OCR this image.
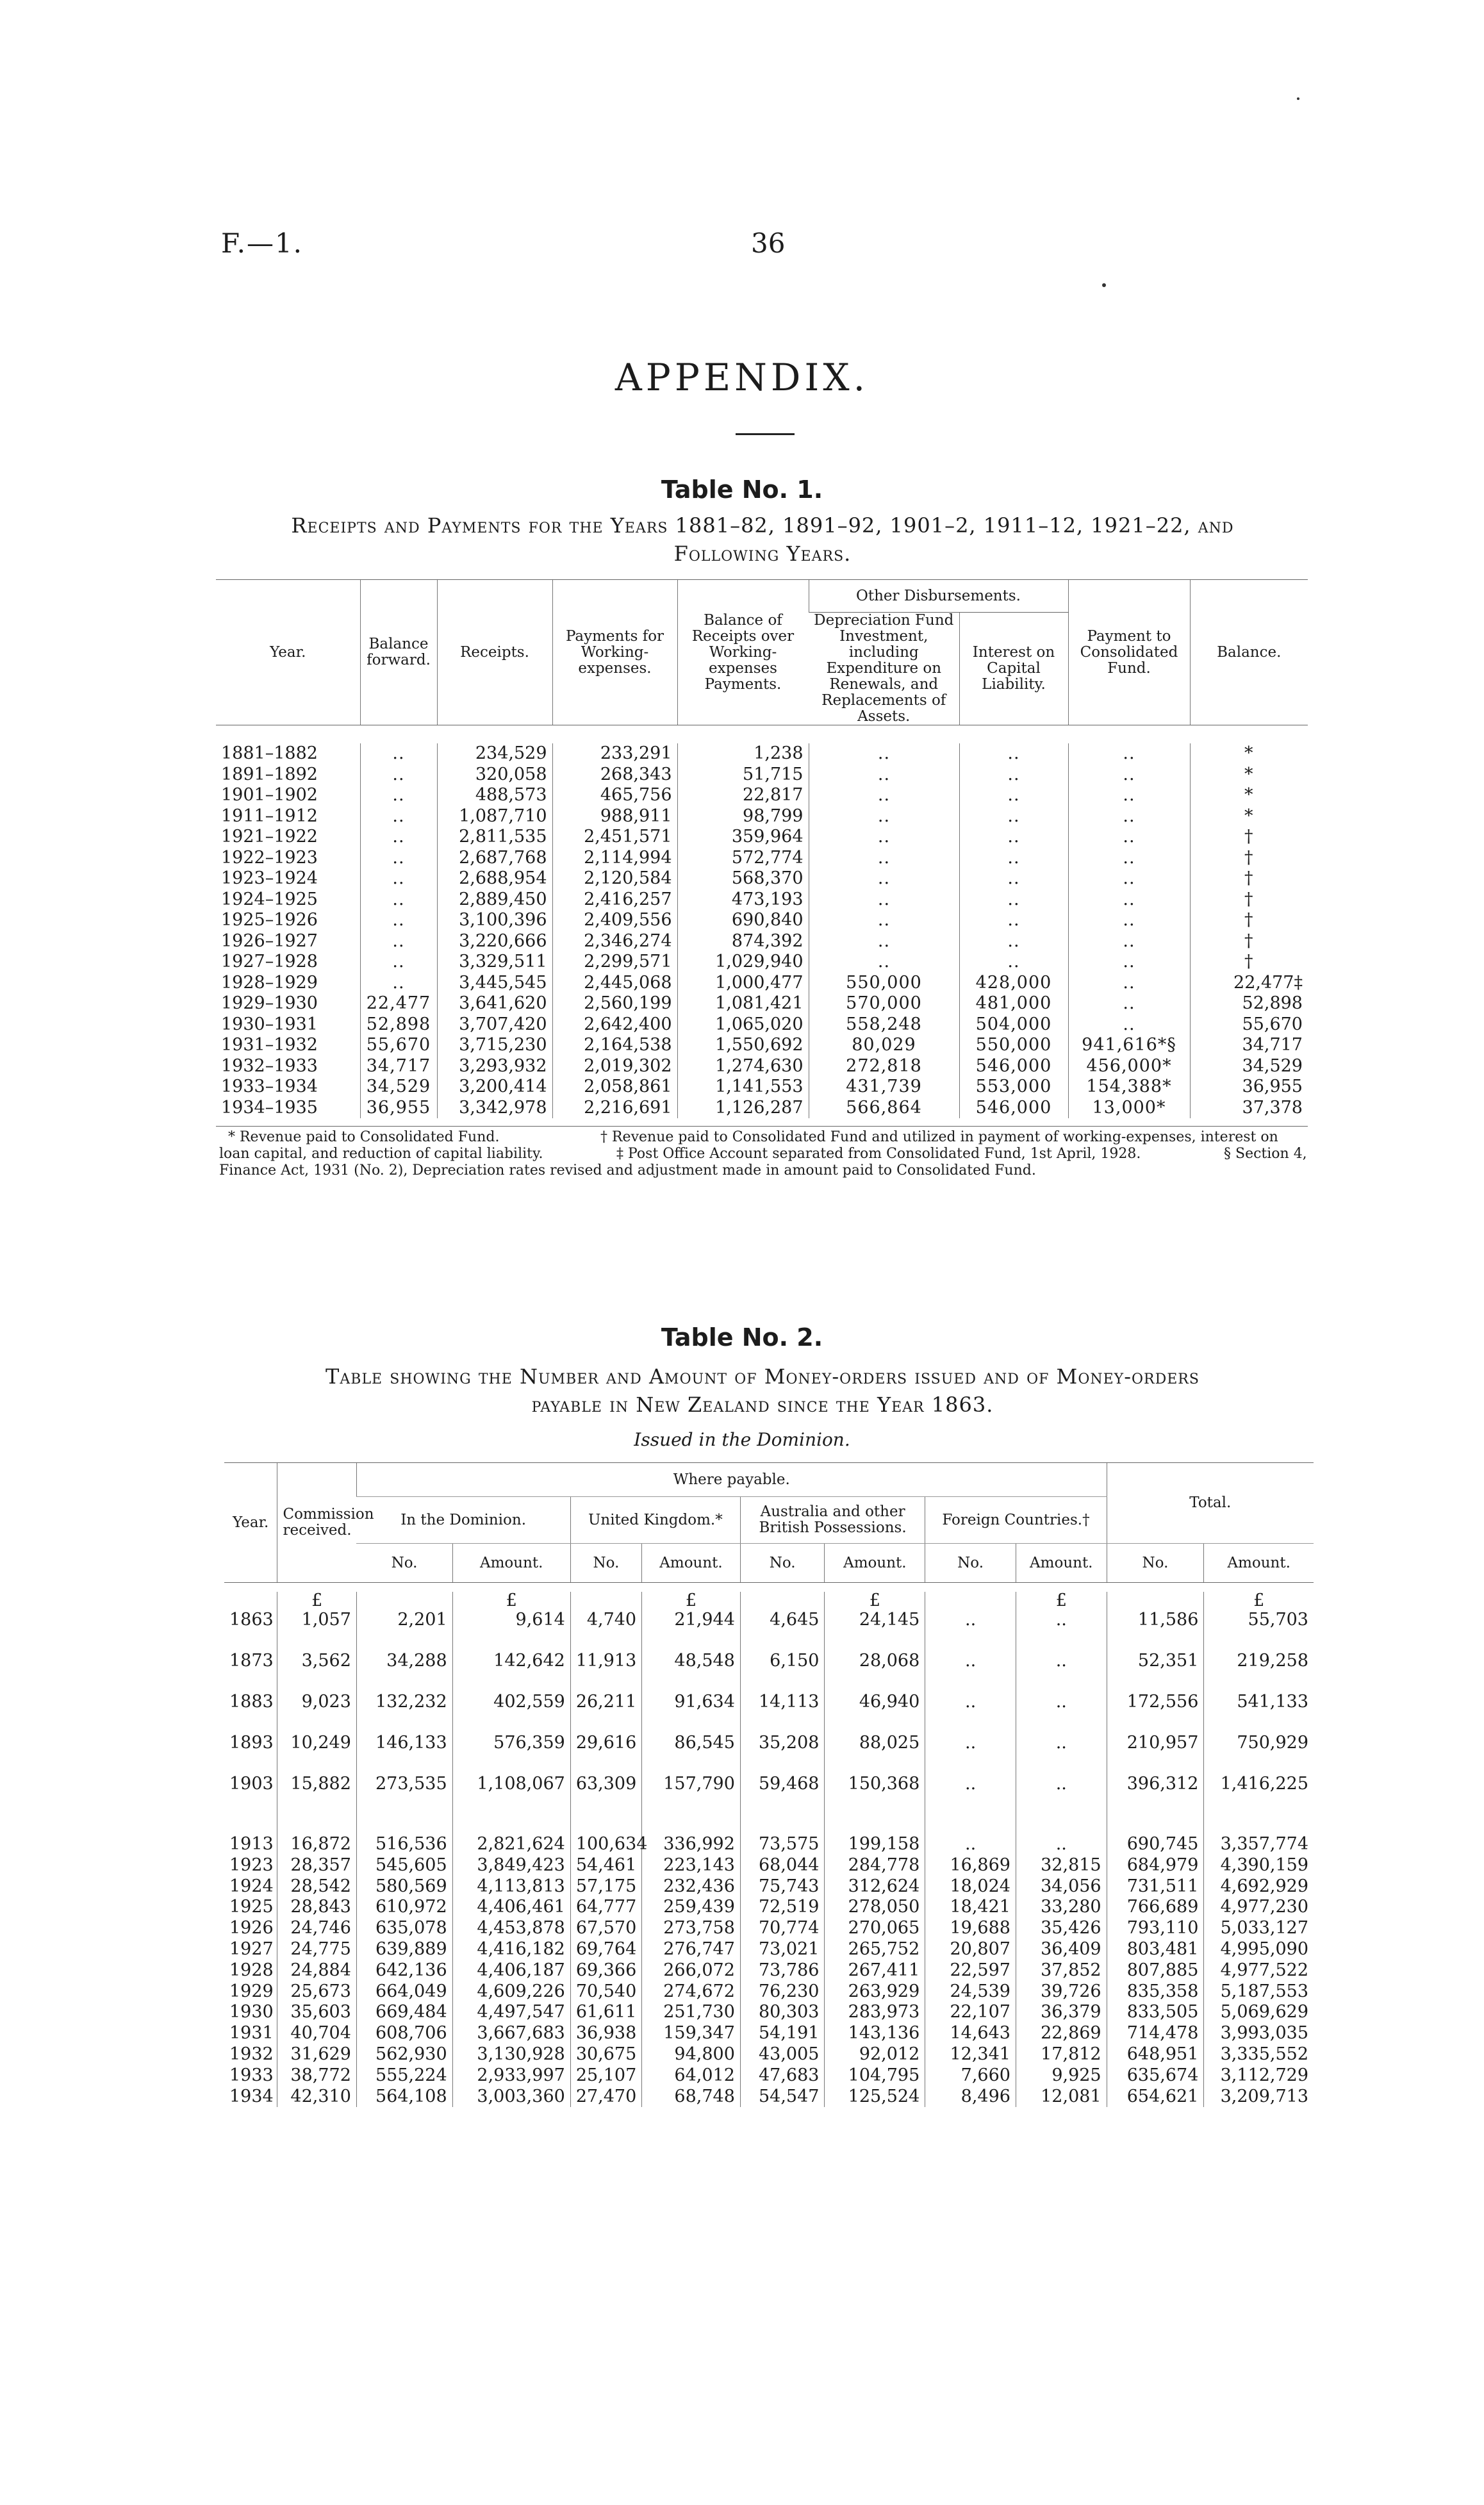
F.—1.	36
APPENDIX.
Table No. 1.
Receipts and Payments for the Years 1881–82, 1891–92, 1901–2, 1911–12, 1921–22, and
Following Years.
Year.	Balance forward.	Receipts.	Payments for Working-expenses.	Balance of Receipts over Working-expenses Payments.	Other Disbursements.		Payment to Consolidated Fund.	Balance.
					Depreciation Fund Investment, including Expenditure on Renewals, and Replacements of Assets.	Interest on Capital Liability.		

1881–1882	..	234,529	233,291	1,238	..	..	..	*
1891–1892	..	320,058	268,343	51,715	..	..	..	*
1901–1902	..	488,573	465,756	22,817	..	..	..	*
1911–1912	..	1,087,710	988,911	98,799	..	..	..	*
1921–1922	..	2,811,535	2,451,571	359,964	..	..	..	†
1922–1923	..	2,687,768	2,114,994	572,774	..	..	..	†
1923–1924	..	2,688,954	2,120,584	568,370	..	..	..	†
1924–1925	..	2,889,450	2,416,257	473,193	..	..	..	†
1925–1926	..	3,100,396	2,409,556	690,840	..	..	..	†
1926–1927	..	3,220,666	2,346,274	874,392	..	..	..	†
1927–1928	..	3,329,511	2,299,571	1,029,940	..	..	..	†
1928–1929	..	3,445,545	2,445,068	1,000,477	550,000	428,000	..	22,477‡
1929–1930	22,477	3,641,620	2,560,199	1,081,421	570,000	481,000	..	52,898
1930–1931	52,898	3,707,420	2,642,400	1,065,020	558,248	504,000	..	55,670
1931–1932	55,670	3,715,230	2,164,538	1,550,692	80,029	550,000	941,616*§	34,717
1932–1933	34,717	3,293,932	2,019,302	1,274,630	272,818	546,000	456,000*	34,529
1933–1934	34,529	3,200,414	2,058,861	1,141,553	431,739	553,000	154,388*	36,955
1934–1935	36,955	3,342,978	2,216,691	1,126,287	566,864	546,000	13,000*	37,378

* Revenue paid to Consolidated Fund.	† Revenue paid to Consolidated Fund and utilized in payment of working-expenses, interest on
loan capital, and reduction of capital liability.	‡ Post Office Account separated from Consolidated Fund, 1st April, 1928.	§ Section 4,
Finance Act, 1931 (No. 2), Depreciation rates revised and adjustment made in amount paid to Consolidated Fund.
Table No. 2.
Table showing the Number and Amount of Money-orders issued and of Money-orders
payable in New Zealand since the Year 1863.
Issued in the Dominion.
Year.	Commission received.	Where payable.								Total.	
		In the Dominion.		United Kingdom.*		Australia and other British Possessions.		Foreign Countries.†			
		No.	Amount.	No.	Amount.	No.	Amount.	No.	Amount.	No.	Amount.

	£		£		£		£		£		£
1863	1,057	2,201	9,614	4,740	21,944	4,645	24,145	..	..	11,586	55,703
1873	3,562	34,288	142,642	11,913	48,548	6,150	28,068	..	..	52,351	219,258
1883	9,023	132,232	402,559	26,211	91,634	14,113	46,940	..	..	172,556	541,133
1893	10,249	146,133	576,359	29,616	86,545	35,208	88,025	..	..	210,957	750,929
1903	15,882	273,535	1,108,067	63,309	157,790	59,468	150,368	..	..	396,312	1,416,225
1913	16,872	516,536	2,821,624	100,634	336,992	73,575	199,158	..	..	690,745	3,357,774
1923	28,357	545,605	3,849,423	54,461	223,143	68,044	284,778	16,869	32,815	684,979	4,390,159
1924	28,542	580,569	4,113,813	57,175	232,436	75,743	312,624	18,024	34,056	731,511	4,692,929
1925	28,843	610,972	4,406,461	64,777	259,439	72,519	278,050	18,421	33,280	766,689	4,977,230
1926	24,746	635,078	4,453,878	67,570	273,758	70,774	270,065	19,688	35,426	793,110	5,033,127
1927	24,775	639,889	4,416,182	69,764	276,747	73,021	265,752	20,807	36,409	803,481	4,995,090
1928	24,884	642,136	4,406,187	69,366	266,072	73,786	267,411	22,597	37,852	807,885	4,977,522
1929	25,673	664,049	4,609,226	70,540	274,672	76,230	263,929	24,539	39,726	835,358	5,187,553
1930	35,603	669,484	4,497,547	61,611	251,730	80,303	283,973	22,107	36,379	833,505	5,069,629
1931	40,704	608,706	3,667,683	36,938	159,347	54,191	143,136	14,643	22,869	714,478	3,993,035
1932	31,629	562,930	3,130,928	30,675	94,800	43,005	92,012	12,341	17,812	648,951	3,335,552
1933	38,772	555,224	2,933,997	25,107	64,012	47,683	104,795	7,660	9,925	635,674	3,112,729
1934	42,310	564,108	3,003,360	27,470	68,748	54,547	125,524	8,496	12,081	654,621	3,209,713
